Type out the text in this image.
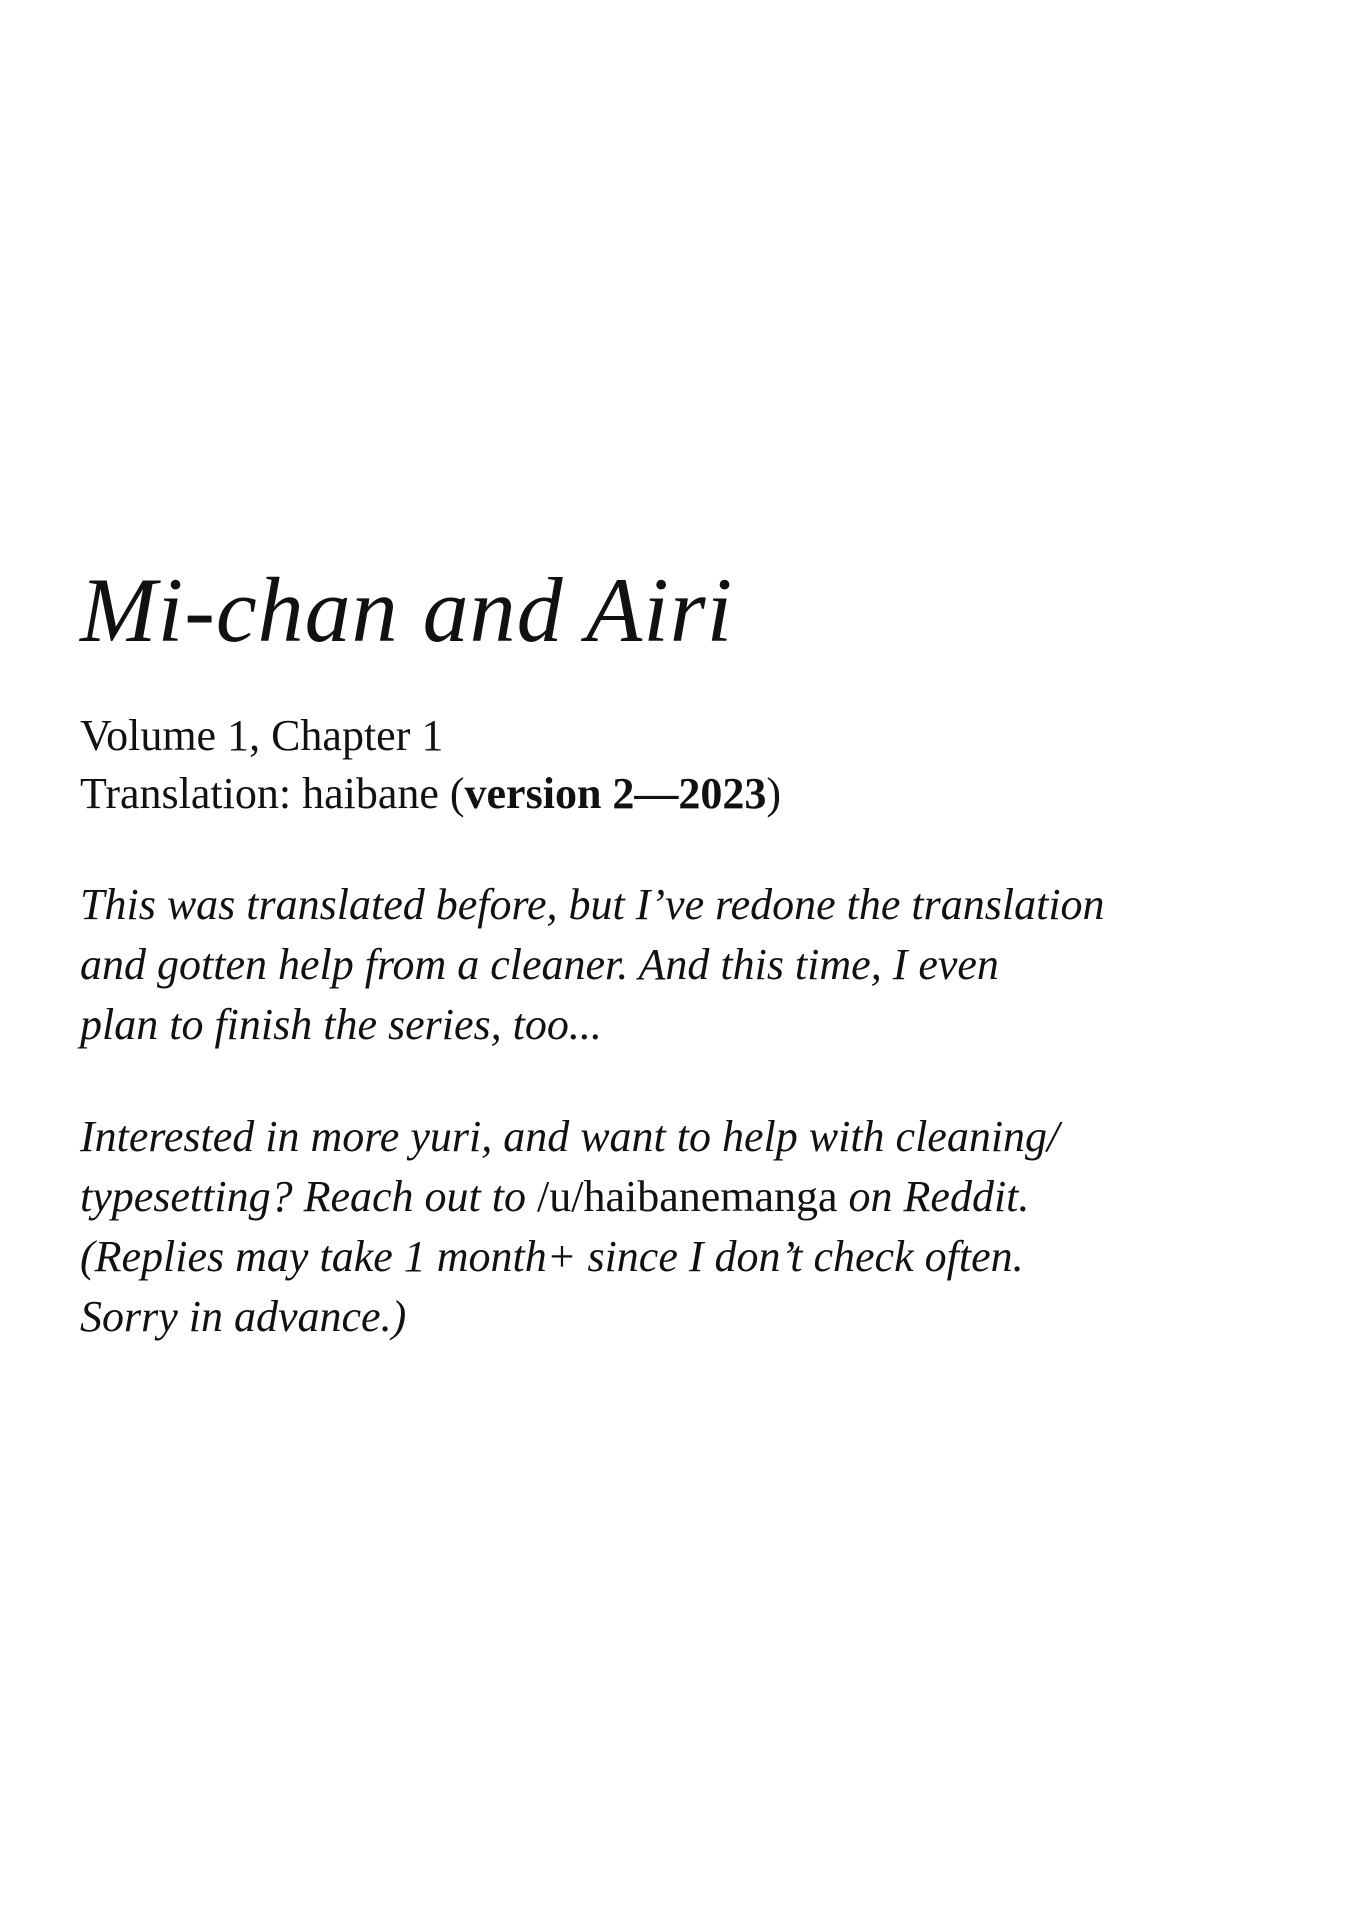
Mi-chan and Airi
Volume 1, Chapter 1
Translation: haibane (version 2—2023)
This was translated before, but I’ve redone the translation
and gotten help from a cleaner. And this time, I even
plan to finish the series, too...
Interested in more yuri, and want to help with cleaning/
typesetting? Reach out to /u/haibanemanga on Reddit.
(Replies may take 1 month+ since I don’t check often.
Sorry in advance.)
